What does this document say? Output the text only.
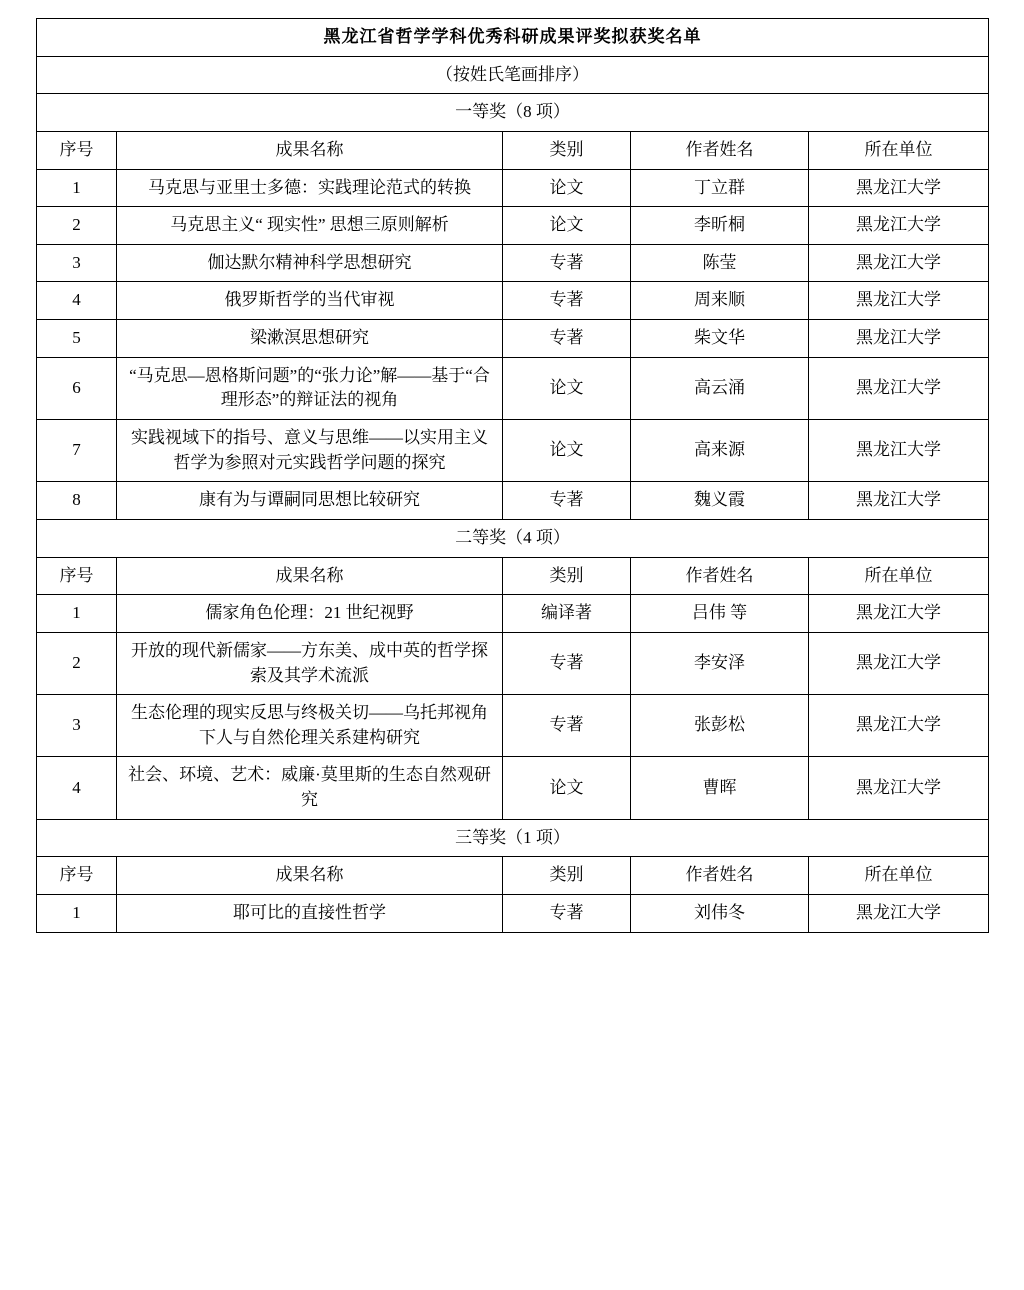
黑龙江省哲学学科优秀科研成果评奖拟获奖名单				
（按姓氏笔画排序）				
一等奖（8 项）				
序号	成果名称	类别	作者姓名	所在单位
1	马克思与亚里士多德：实践理论范式的转换	论文	丁立群	黑龙江大学
2	马克思主义“ 现实性” 思想三原则解析	论文	李昕桐	黑龙江大学
3	伽达默尔精神科学思想研究	专著	陈莹	黑龙江大学
4	俄罗斯哲学的当代审视	专著	周来顺	黑龙江大学
5	梁漱溟思想研究	专著	柴文华	黑龙江大学
6	“马克思—恩格斯问题”的“张力论”解——基于“合理形态”的辩证法的视角	论文	高云涌	黑龙江大学
7	实践视域下的指号、意义与思维——以实用主义哲学为参照对元实践哲学问题的探究	论文	高来源	黑龙江大学
8	康有为与谭嗣同思想比较研究	专著	魏义霞	黑龙江大学
二等奖（4 项）				
序号	成果名称	类别	作者姓名	所在单位
1	儒家角色伦理：21 世纪视野	编译著	吕伟 等	黑龙江大学
2	开放的现代新儒家——方东美、成中英的哲学探索及其学术流派	专著	李安泽	黑龙江大学
3	生态伦理的现实反思与终极关切——乌托邦视角下人与自然伦理关系建构研究	专著	张彭松	黑龙江大学
4	社会、环境、艺术：威廉·莫里斯的生态自然观研究	论文	曹晖	黑龙江大学
三等奖（1 项）				
序号	成果名称	类别	作者姓名	所在单位
1	耶可比的直接性哲学	专著	刘伟冬	黑龙江大学
